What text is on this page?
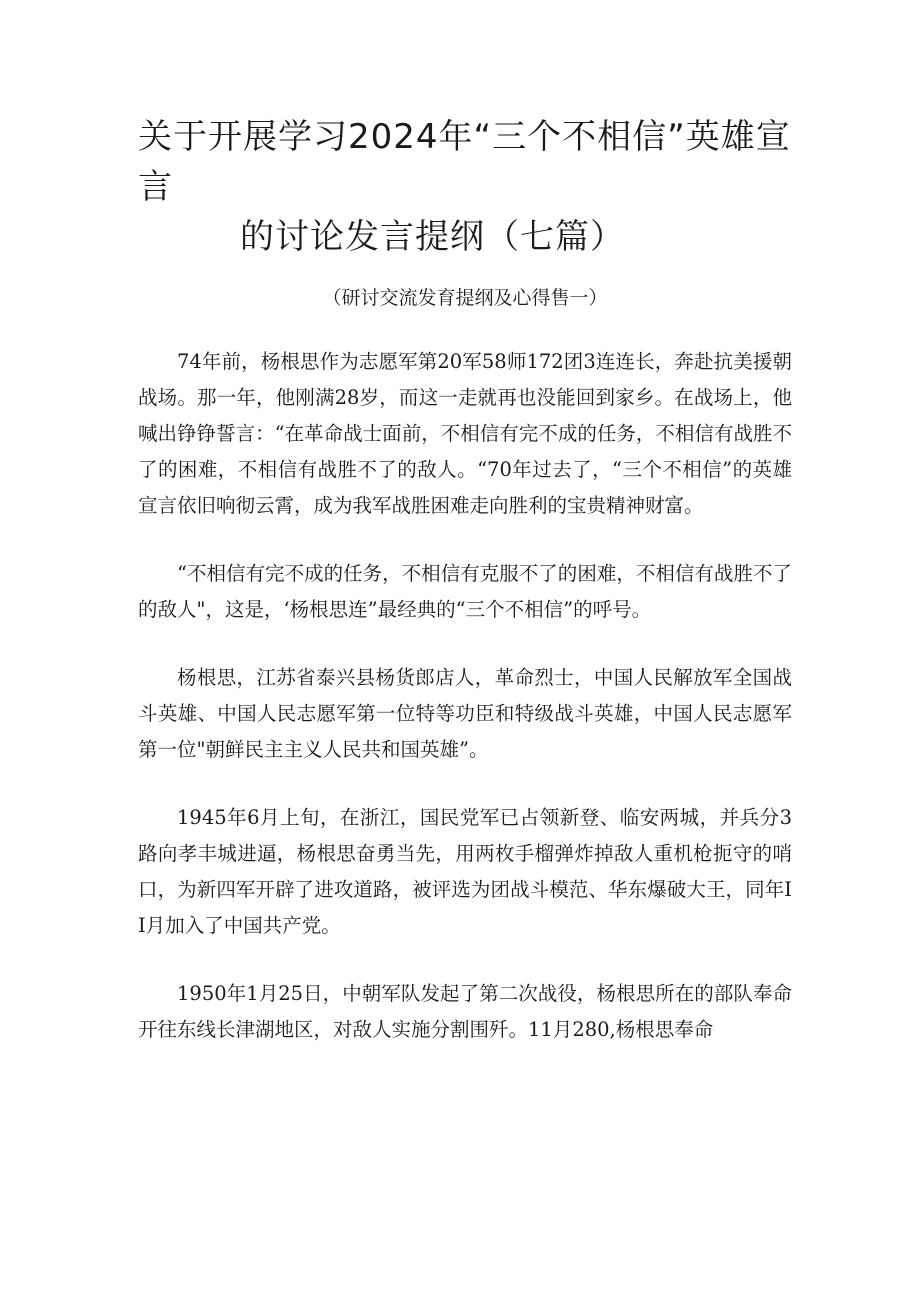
关于开展学习2024年“三个不相信”英雄宣言
的讨论发言提纲（七篇）

（研讨交流发育提纲及心得售一）

74年前，杨根思作为志愿军第20军58师172团3连连长，奔赴抗美援朝战场。那一年，他刚满28岁，而这一走就再也没能回到家乡。在战场上，他喊出铮铮誓言：“在革命战士面前，不相信有完不成的任务，不相信有战胜不了的困难，不相信有战胜不了的敌人。“70年过去了，“三个不相信”的英雄宣言依旧响彻云霄，成为我军战胜困难走向胜利的宝贵精神财富。

“不相信有完不成的任务，不相信有克服不了的困难，不相信有战胜不了的敌人"，这是，‘杨根思连”最经典的“三个不相信”的呼号。

杨根思，江苏省泰兴县杨货郎店人，革命烈士，中国人民解放军全国战斗英雄、中国人民志愿军第一位特等功臣和特级战斗英雄，中国人民志愿军第一位"朝鲜民主主义人民共和国英雄”。

1945年6月上旬，在浙江，国民党军已占领新登、临安两城，并兵分3路向孝丰城进逼，杨根思奋勇当先，用两枚手榴弹炸掉敌人重机枪扼守的哨口，为新四军开辟了进攻道路，被评选为团战斗模范、华东爆破大王，同年II月加入了中国共产党。

1950年1月25日，中朝军队发起了第二次战役，杨根思所在的部队奉命开往东线长津湖地区，对敌人实施分割围歼。11月280,杨根思奉命
